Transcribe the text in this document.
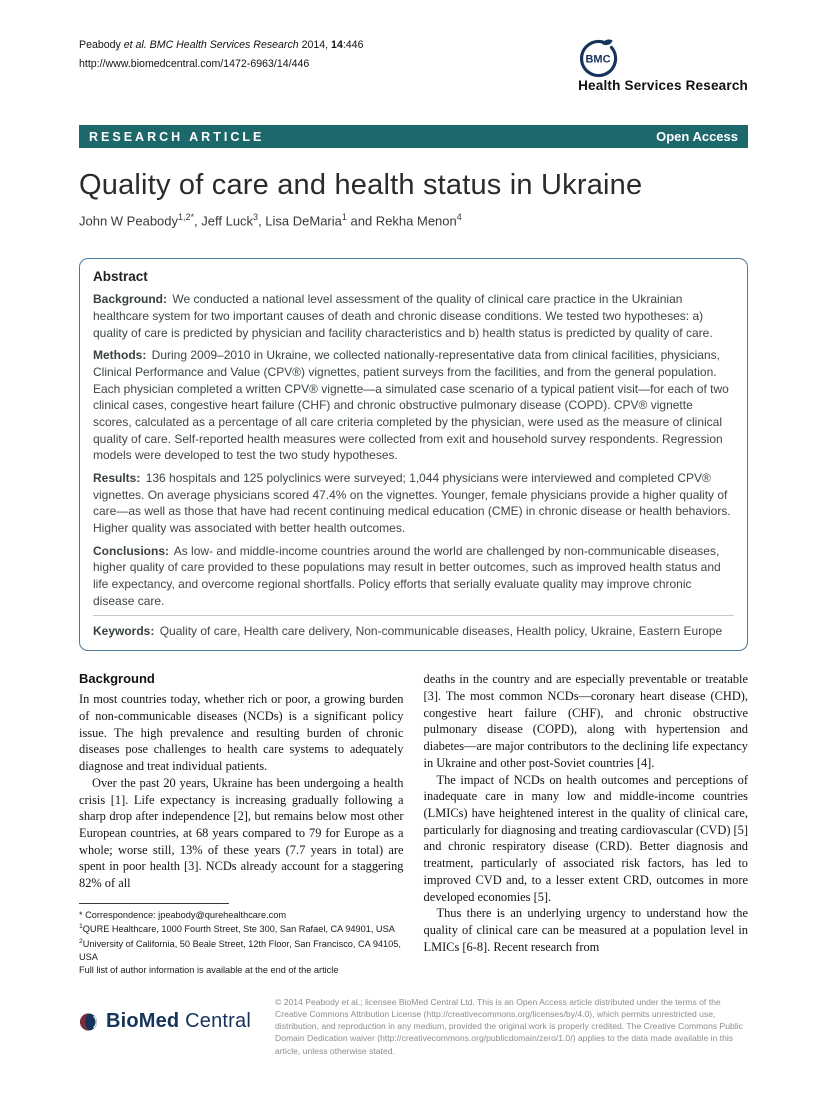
Peabody et al. BMC Health Services Research 2014, 14:446
http://www.biomedcentral.com/1472-6963/14/446	BMC
Health Services Research
RESEARCH ARTICLE	Open Access
Quality of care and health status in Ukraine
John W Peabody$^{1,2*}$, Jeff Luck$^3$, Lisa DeMaria$^1$ and Rekha Menon$^4$
Abstract

Background: We conducted a national level assessment of the quality of clinical care practice in the Ukrainian healthcare system for two important causes of death and chronic disease conditions. We tested two hypotheses: a) quality of care is predicted by physician and facility characteristics and b) health status is predicted by quality of care.

Methods: During 2009–2010 in Ukraine, we collected nationally-representative data from clinical facilities, physicians, Clinical Performance and Value (CPV®) vignettes, patient surveys from the facilities, and from the general population. Each physician completed a written CPV® vignette—a simulated case scenario of a typical patient visit—for each of two clinical cases, congestive heart failure (CHF) and chronic obstructive pulmonary disease (COPD). CPV® vignette scores, calculated as a percentage of all care criteria completed by the physician, were used as the measure of clinical quality of care. Self-reported health measures were collected from exit and household survey respondents. Regression models were developed to test the two study hypotheses.

Results: 136 hospitals and 125 polyclinics were surveyed; 1,044 physicians were interviewed and completed CPV® vignettes. On average physicians scored 47.4% on the vignettes. Younger, female physicians provide a higher quality of care—as well as those that have had recent continuing medical education (CME) in chronic disease or health behaviors. Higher quality was associated with better health outcomes.

Conclusions: As low- and middle-income countries around the world are challenged by non-communicable diseases, higher quality of care provided to these populations may result in better outcomes, such as improved health status and life expectancy, and overcome regional shortfalls. Policy efforts that serially evaluate quality may improve chronic disease care.

Keywords: Quality of care, Health care delivery, Non-communicable diseases, Health policy, Ukraine, Eastern Europe

Background

In most countries today, whether rich or poor, a growing burden of non-communicable diseases (NCDs) is a significant policy issue. The high prevalence and resulting burden of chronic diseases pose challenges to health care systems to adequately diagnose and treat individual patients.

Over the past 20 years, Ukraine has been undergoing a health crisis [1]. Life expectancy is increasing gradually following a sharp drop after independence [2], but remains below most other European countries, at 68 years compared to 79 for Europe as a whole; worse still, 13% of these years (7.7 years in total) are spent in poor health [3]. NCDs already account for a staggering 82% of all

* Correspondence: jpeabody@qurehealthcare.com
$^1$QURE Healthcare, 1000 Fourth Street, Ste 300, San Rafael, CA 94901, USA
$^2$University of California, 50 Beale Street, 12th Floor, San Francisco, CA 94105, USA
Full list of author information is available at the end of the article

deaths in the country and are especially preventable or treatable [3]. The most common NCDs—coronary heart disease (CHD), congestive heart failure (CHF), and chronic obstructive pulmonary disease (COPD), along with hypertension and diabetes—are major contributors to the declining life expectancy in Ukraine and other post-Soviet countries [4].

The impact of NCDs on health outcomes and perceptions of inadequate care in many low and middle-income countries (LMICs) have heightened interest in the quality of clinical care, particularly for diagnosing and treating cardiovascular (CVD) [5] and chronic respiratory disease (CRD). Better diagnosis and treatment, particularly of associated risk factors, has led to improved CVD and, to a lesser extent CRD, outcomes in more developed economies [5].

Thus there is an underlying urgency to understand how the quality of clinical care can be measured at a population level in LMICs [6-8]. Recent research from

BioMed Central
© 2014 Peabody et al.; licensee BioMed Central Ltd. This is an Open Access article distributed under the terms of the Creative Commons Attribution License (http://creativecommons.org/licenses/by/4.0), which permits unrestricted use, distribution, and reproduction in any medium, provided the original work is properly credited. The Creative Commons Public Domain Dedication waiver (http://creativecommons.org/publicdomain/zero/1.0/) applies to the data made available in this article, unless otherwise stated.
